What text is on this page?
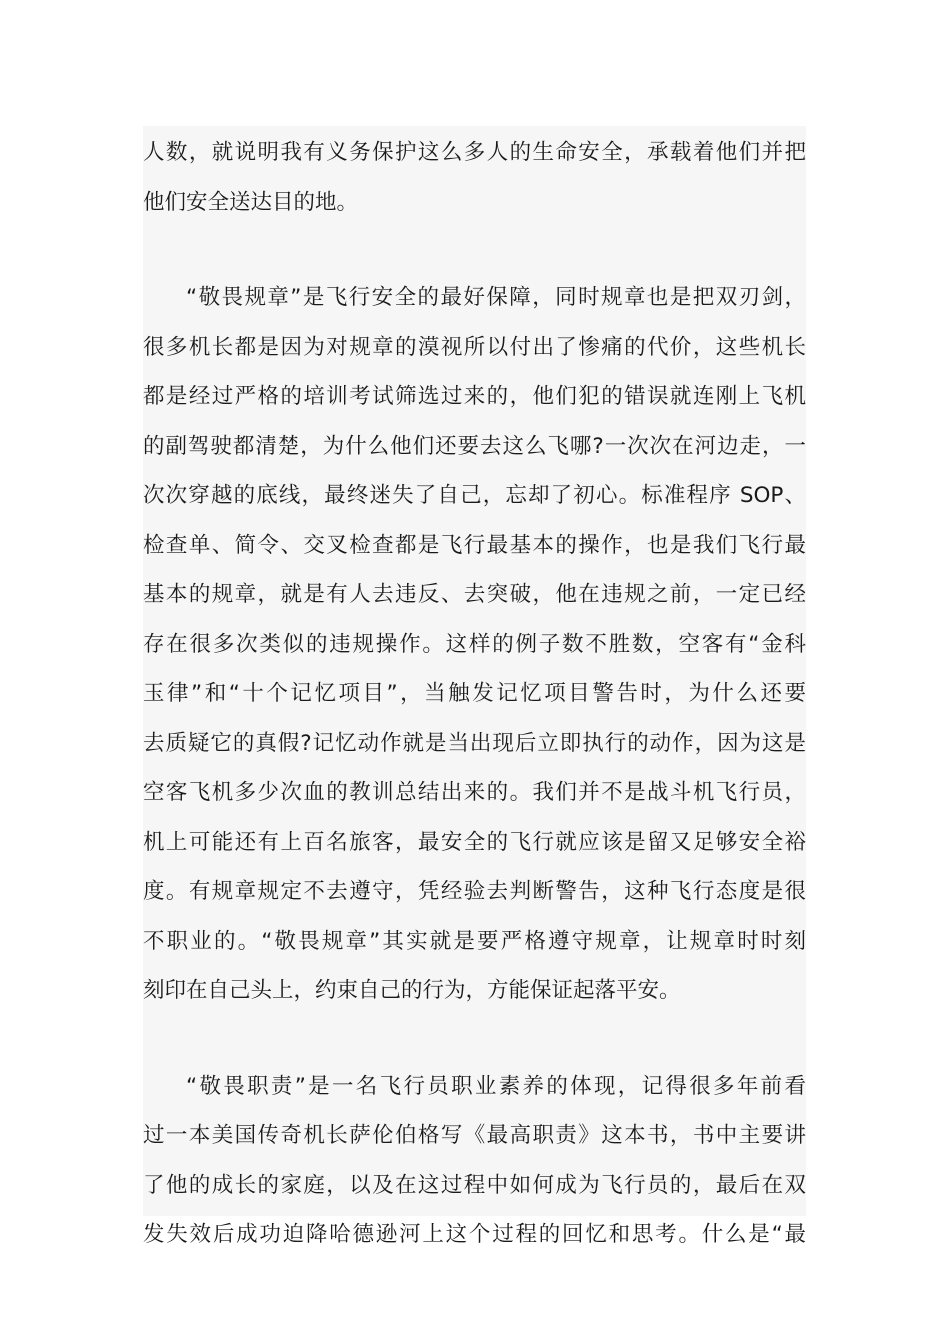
人数，就说明我有义务保护这么多人的生命安全，承载着他们并把
他们安全送达目的地。

“敬畏规章”是飞行安全的最好保障，同时规章也是把双刃剑，
很多机长都是因为对规章的漠视所以付出了惨痛的代价，这些机长
都是经过严格的培训考试筛选过来的，他们犯的错误就连刚上飞机
的副驾驶都清楚，为什么他们还要去这么飞哪?一次次在河边走，一
次次穿越的底线，最终迷失了自己，忘却了初心。标准程序 SOP、
检查单、简令、交叉检查都是飞行最基本的操作，也是我们飞行最
基本的规章，就是有人去违反、去突破，他在违规之前，一定已经
存在很多次类似的违规操作。这样的例子数不胜数，空客有“金科
玉律”和“十个记忆项目”，当触发记忆项目警告时，为什么还要
去质疑它的真假?记忆动作就是当出现后立即执行的动作，因为这是
空客飞机多少次血的教训总结出来的。我们并不是战斗机飞行员，
机上可能还有上百名旅客，最安全的飞行就应该是留又足够安全裕
度。有规章规定不去遵守，凭经验去判断警告，这种飞行态度是很
不职业的。“敬畏规章”其实就是要严格遵守规章，让规章时时刻
刻印在自己头上，约束自己的行为，方能保证起落平安。

“敬畏职责”是一名飞行员职业素养的体现，记得很多年前看
过一本美国传奇机长萨伦伯格写《最高职责》这本书，书中主要讲
了他的成长的家庭，以及在这过程中如何成为飞行员的，最后在双
发失效后成功迫降哈德逊河上这个过程的回忆和思考。什么是“最
